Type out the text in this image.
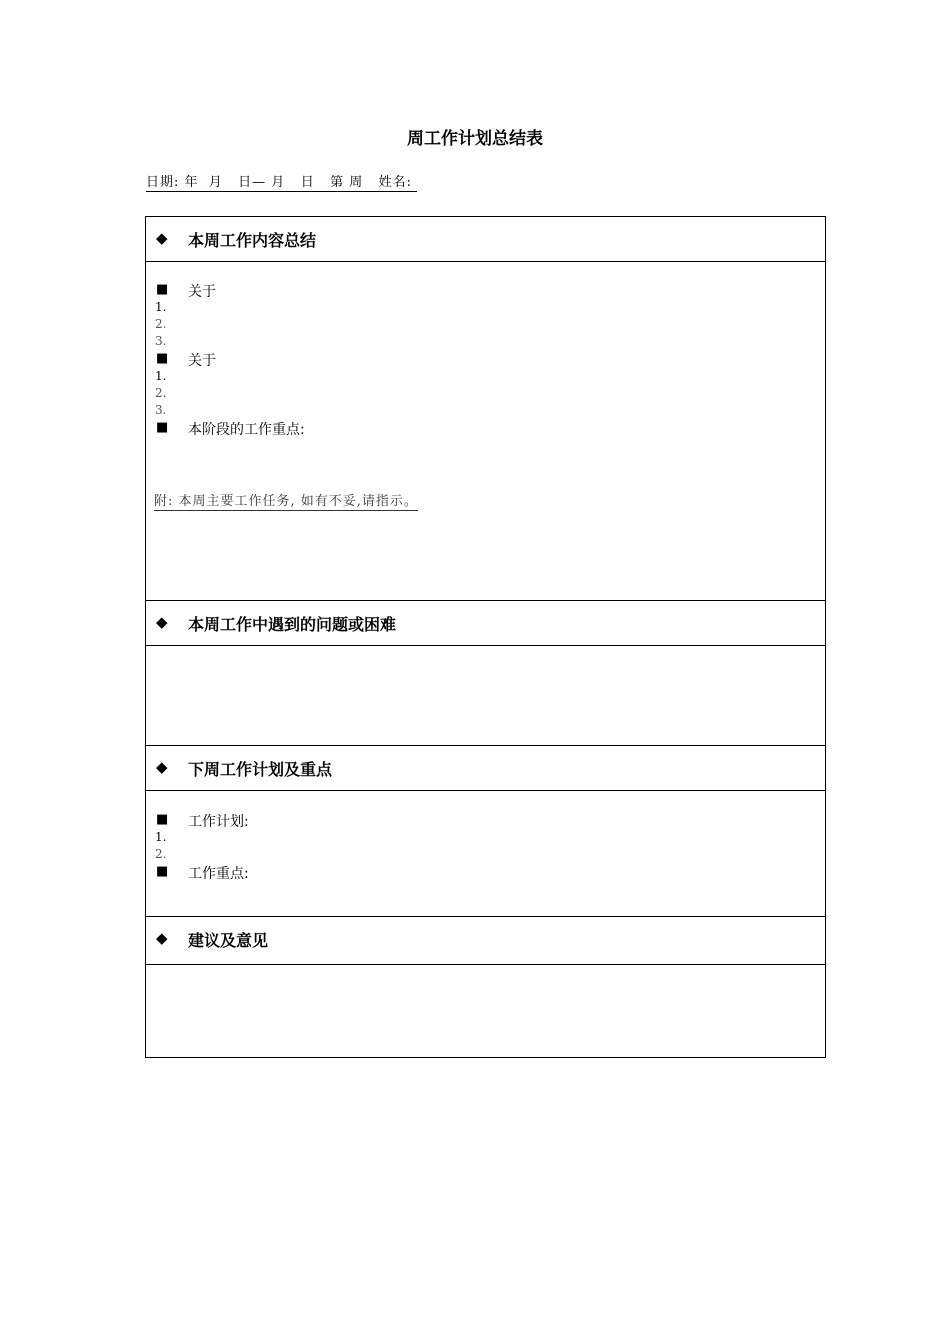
周工作计划总结表
日期: 年  月   日— 月   日   第 周   姓名:
◆ 本周工作内容总结
■ 关于
1.
2.
3.
■ 关于
1.
2.
3.
■ 本阶段的工作重点:
附: 本周主要工作任务, 如有不妥,请指示。
◆ 本周工作中遇到的问题或困难
◆ 下周工作计划及重点
■ 工作计划:
1.
2.
■ 工作重点:
◆ 建议及意见
